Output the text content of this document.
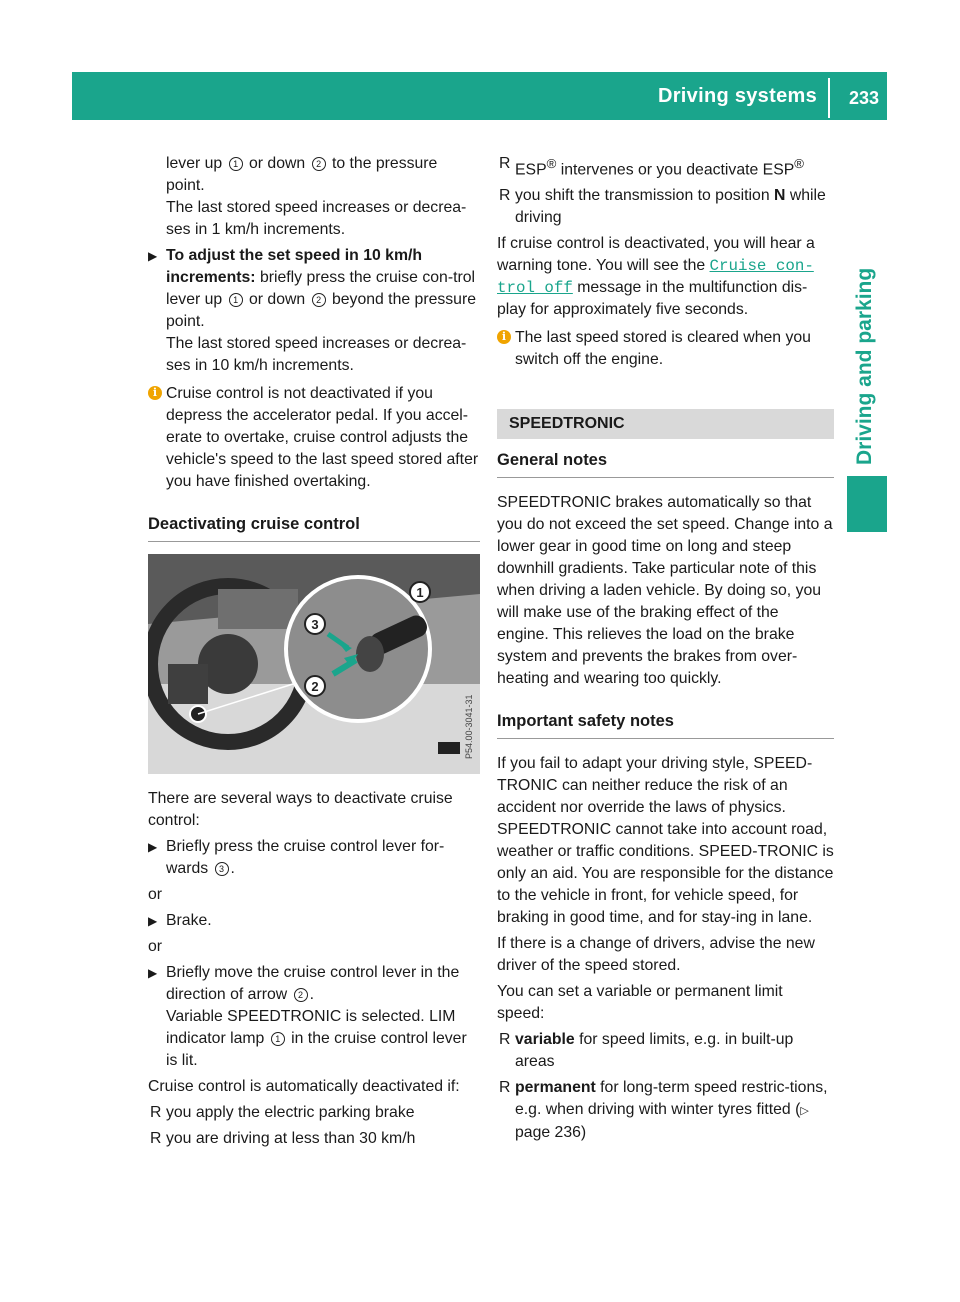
Driving systems 233
Driving and parking
lever up 1 or down 2 to the pressure point.
The last stored speed increases or decrea-ses in 1 km/h increments.
▶ To adjust the set speed in 10 km/h increments: briefly press the cruise con-trol lever up 1 or down 2 beyond the pressure point.
The last stored speed increases or decrea-ses in 10 km/h increments.
i Cruise control is not deactivated if you depress the accelerator pedal. If you accel-erate to overtake, cruise control adjusts the vehicle's speed to the last speed stored after you have finished overtaking.
Deactivating cruise control
1
3
2
P54.00-3041-31

There are several ways to deactivate cruise control:

▶ Briefly press the cruise control lever for-wards 3 .

or

▶ Brake.

or

▶ Briefly move the cruise control lever in the direction of arrow 2 .
Variable SPEEDTRONIC is selected. LIM indicator lamp 1 in the cruise control lever is lit.

Cruise control is automatically deactivated if:

R you apply the electric parking brake
R you are driving at less than 30 km/h
R ESP® intervenes or you deactivate ESP®
R you shift the transmission to position N while driving

If cruise control is deactivated, you will hear a warning tone. You will see the Cruise con‐trol off message in the multifunction dis-play for approximately five seconds.

i The last speed stored is cleared when you switch off the engine.
SPEEDTRONIC
General notes

SPEEDTRONIC brakes automatically so that you do not exceed the set speed. Change into a lower gear in good time on long and steep downhill gradients. Take particular note of this when driving a laden vehicle. By doing so, you will make use of the braking effect of the engine. This relieves the load on the brake system and prevents the brakes from over-heating and wearing too quickly.

Important safety notes

If you fail to adapt your driving style, SPEED-TRONIC can neither reduce the risk of an accident nor override the laws of physics. SPEEDTRONIC cannot take into account road, weather or traffic conditions. SPEED-TRONIC is only an aid. You are responsible for the distance to the vehicle in front, for vehicle speed, for braking in good time, and for stay-ing in lane.

If there is a change of drivers, advise the new driver of the speed stored.

You can set a variable or permanent limit speed:

R variable for speed limits, e.g. in built-up areas
R permanent for long-term speed restric-tions, e.g. when driving with winter tyres fitted (▷ page 236)
